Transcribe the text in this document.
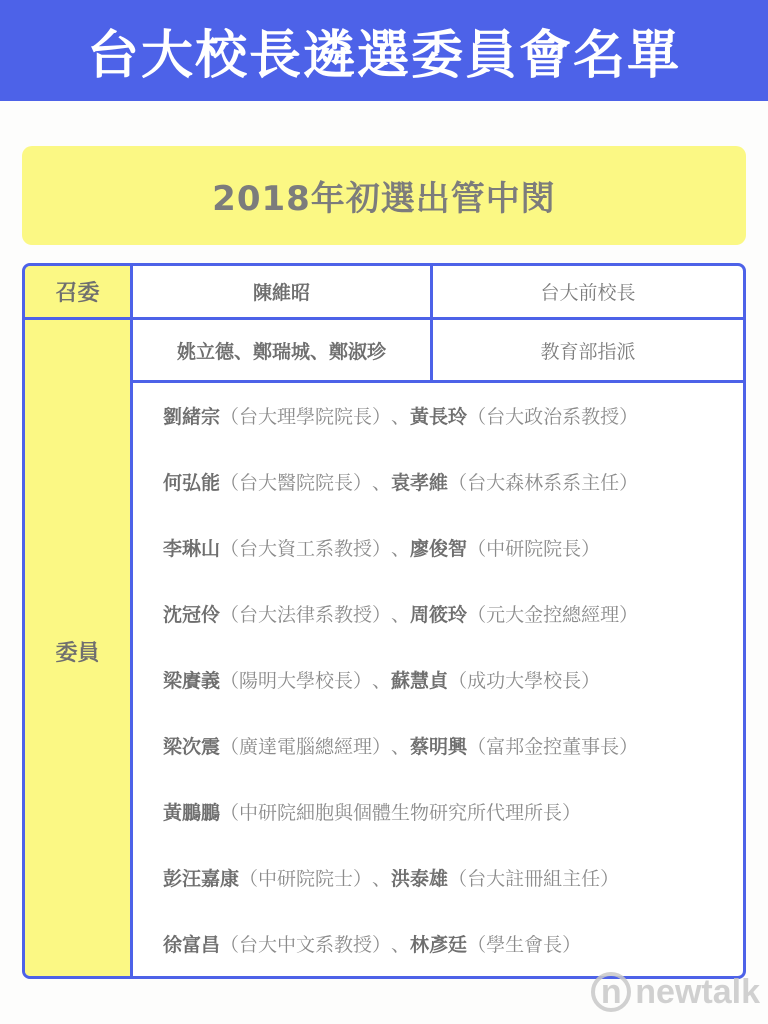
台大校長遴選委員會名單
2018年初選出管中閔
召委
委員
陳維昭	台大前校長
姚立德、鄭瑞城、鄭淑珍	教育部指派
劉緒宗 （台大理學院院長） 、 黃長玲 （台大政治系教授）
何弘能 （台大醫院院長） 、 袁孝維 （台大森林系系主任）
李琳山 （台大資工系教授） 、 廖俊智 （中研院院長）
沈冠伶 （台大法律系教授） 、 周筱玲 （元大金控總經理）
梁賡義 （陽明大學校長） 、 蘇慧貞 （成功大學校長）
梁次震 （廣達電腦總經理） 、 蔡明興 （富邦金控董事長）
黃鵬鵬 （中研院細胞與個體生物研究所代理所長）
彭汪嘉康 （中研院院士） 、 洪泰雄 （台大註冊組主任）
徐富昌 （台大中文系教授） 、 林彥廷 （學生會長）
n newtalk
